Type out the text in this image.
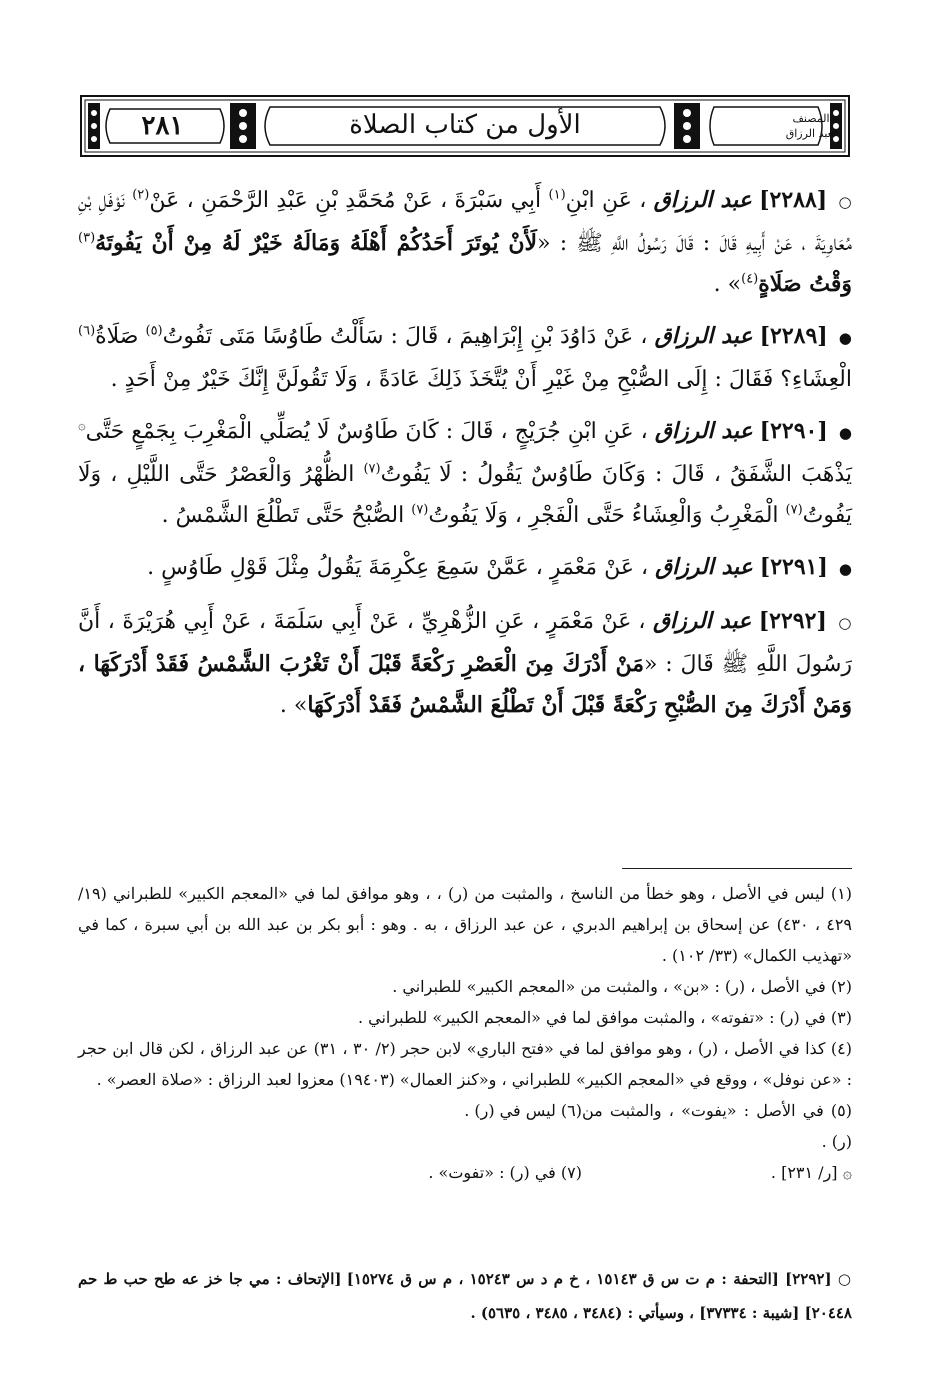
٢٨١	الأول من كتاب الصلاة	المصنف
لعبد الرزاق

○ [٢٢٨٨] عبد الرزاق ، عَنِ ابْنِ$^{(١)}$ أَبِي سَبْرَةَ ، عَنْ مُحَمَّدِ بْنِ عَبْدِ الرَّحْمَنِ ، عَنْ$^{(٢)}$ نَوْفَلِ بْنِ مُعَاوِيَةَ ، عَنْ أَبِيهِ قَالَ : قَالَ رَسُولُ اللَّهِ ﷺ : «لَأَنْ يُوتَرَ أَحَدُكُمْ أَهْلَهُ وَمَالَهُ خَيْرٌ لَهُ مِنْ أَنْ يَفُوتَهُ$^{(٣)}$ وَقْتُ صَلَاةٍ$^{(٤)}$» .

● [٢٢٨٩] عبد الرزاق ، عَنْ دَاوُدَ بْنِ إِبْرَاهِيمَ ، قَالَ : سَأَلْتُ طَاوُسًا مَتَى تَفُوتُ$^{(٥)}$ صَلَاةُ$^{(٦)}$ الْعِشَاءِ؟ فَقَالَ : إِلَى الصُّبْحِ مِنْ غَيْرِ أَنْ يُتَّخَذَ ذَلِكَ عَادَةً ، وَلَا تَقُولَنَّ إِنَّكَ خَيْرٌ مِنْ أَحَدٍ .

● [٢٢٩٠] عبد الرزاق ، عَنِ ابْنِ جُرَيْجٍ ، قَالَ : كَانَ طَاوُسٌ لَا يُصَلِّي الْمَغْرِبَ بِجَمْعٍ حَتَّى۞ يَذْهَبَ الشَّفَقُ ، قَالَ : وَكَانَ طَاوُسٌ يَقُولُ : لَا يَفُوتُ$^{(٧)}$ الظُّهْرُ وَالْعَصْرُ حَتَّى اللَّيْلِ ، وَلَا يَفُوتُ$^{(٧)}$ الْمَغْرِبُ وَالْعِشَاءُ حَتَّى الْفَجْرِ ، وَلَا يَفُوتُ$^{(٧)}$ الصُّبْحُ حَتَّى تَطْلُعَ الشَّمْسُ .

● [٢٢٩١] عبد الرزاق ، عَنْ مَعْمَرٍ ، عَمَّنْ سَمِعَ عِكْرِمَةَ يَقُولُ مِثْلَ قَوْلِ طَاوُسٍ .

○ [٢٢٩٢] عبد الرزاق ، عَنْ مَعْمَرٍ ، عَنِ الزُّهْرِيِّ ، عَنْ أَبِي سَلَمَةَ ، عَنْ أَبِي هُرَيْرَةَ ، أَنَّ رَسُولَ اللَّهِ ﷺ قَالَ : «مَنْ أَدْرَكَ مِنَ الْعَصْرِ رَكْعَةً قَبْلَ أَنْ تَغْرُبَ الشَّمْسُ فَقَدْ أَدْرَكَهَا ، وَمَنْ أَدْرَكَ مِنَ الصُّبْحِ رَكْعَةً قَبْلَ أَنْ تَطْلُعَ الشَّمْسُ فَقَدْ أَدْرَكَهَا» .

(١) ليس في الأصل ، وهو خطأ من الناسخ ، والمثبت من (ر) ، ، وهو موافق لما في «المعجم الكبير» للطبراني (١٩/ ٤٢٩ ، ٤٣٠) عن إسحاق بن إبراهيم الدبري ، عن عبد الرزاق ، به . وهو : أبو بكر بن عبد الله بن أبي سبرة ، كما في «تهذيب الكمال» (٣٣/ ١٠٢) .

(٢) في الأصل ، (ر) : «بن» ، والمثبت من «المعجم الكبير» للطبراني .

(٣) في (ر) : «تفوته» ، والمثبت موافق لما في «المعجم الكبير» للطبراني .

(٤) كذا في الأصل ، (ر) ، وهو موافق لما في «فتح الباري» لابن حجر (٢/ ٣٠ ، ٣١) عن عبد الرزاق ، لكن قال ابن حجر : «عن نوفل» ، ووقع في «المعجم الكبير» للطبراني ، و«كنز العمال» (١٩٤٠٣) معزوا لعبد الرزاق : «صلاة العصر» .

(٥) في الأصل : «يفوت» ، والمثبت من (ر) .
(٦) ليس في (ر) .
۞ [ر/ ٢٣١] .
(٧) في (ر) : «تفوت» .
○ [٢٢٩٢] [التحفة : م ت س ق ١٥١٤٣ ، خ م د س ١٥٢٤٣ ، م س ق ١٥٢٧٤] [الإتحاف : مي جا خز عه طح حب ط حم ٢٠٤٤٨] [شيبة : ٣٧٣٣٤] ، وسيأتي : (٣٤٨٤ ، ٣٤٨٥ ، ٥٦٣٥) .
